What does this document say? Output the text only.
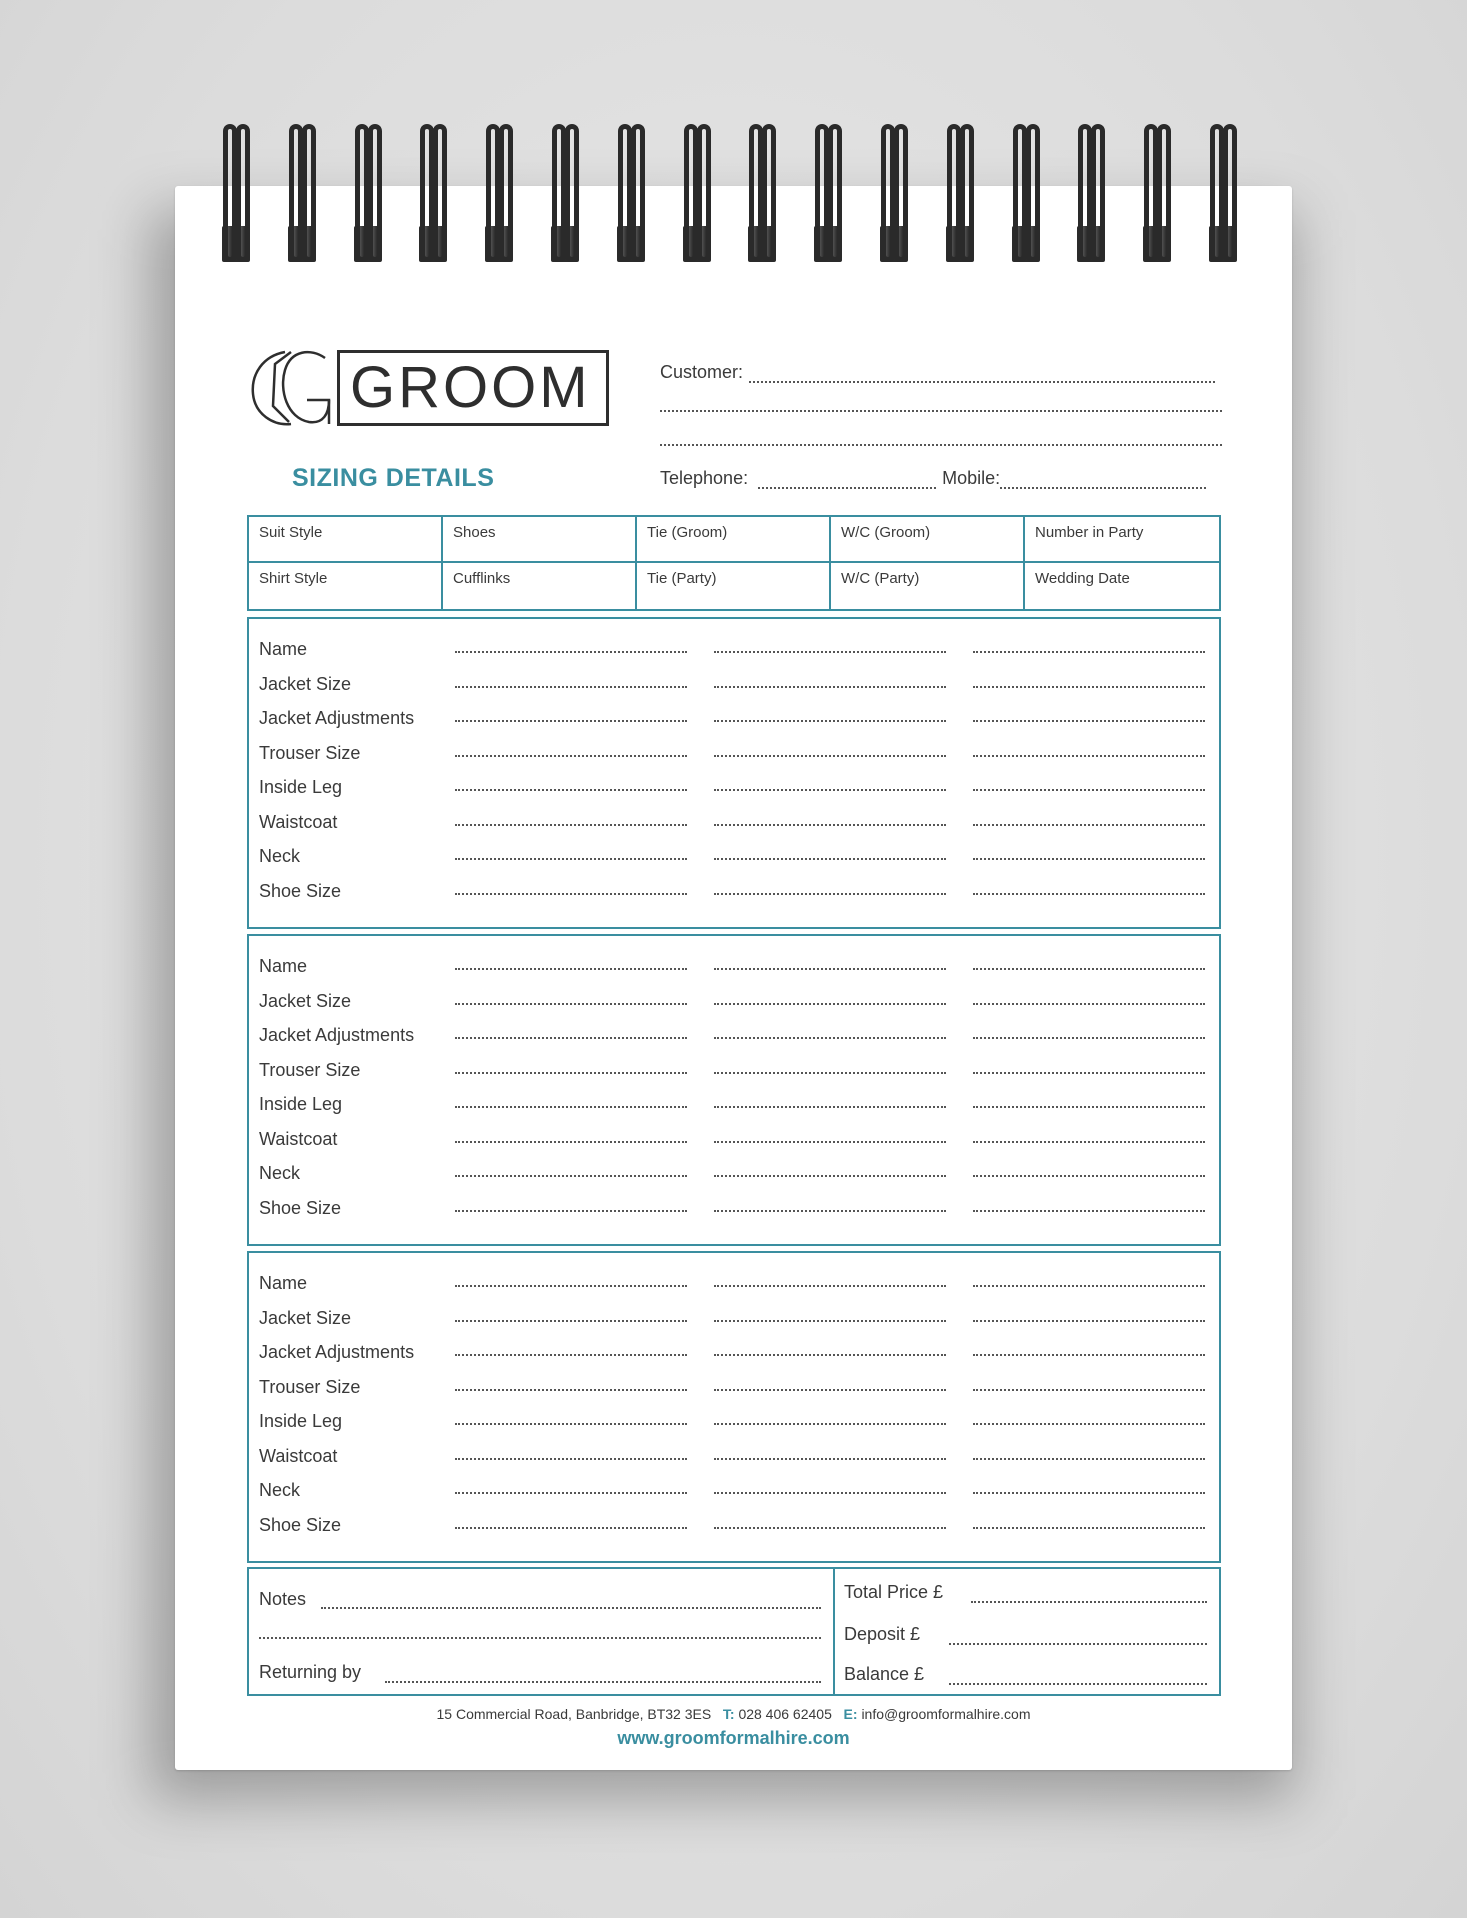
GROOM
SIZING DETAILS
Customer:
Telephone:	Mobile:
Suit Style	Shoes	Tie (Groom)	W/C (Groom)	Number in Party
Shirt Style	Cufflinks	Tie (Party)	W/C (Party)	Wedding Date
Name
Jacket Size
Jacket Adjustments
Trouser Size
Inside Leg
Waistcoat
Neck
Shoe Size
Name
Jacket Size
Jacket Adjustments
Trouser Size
Inside Leg
Waistcoat
Neck
Shoe Size
Name
Jacket Size
Jacket Adjustments
Trouser Size
Inside Leg
Waistcoat
Neck
Shoe Size
Notes
Returning by
Total Price £
Deposit £
Balance £
15 Commercial Road, Banbridge, BT32 3ES T: 028 406 62405 E: info@groomformalhire.com
www.groomformalhire.com
